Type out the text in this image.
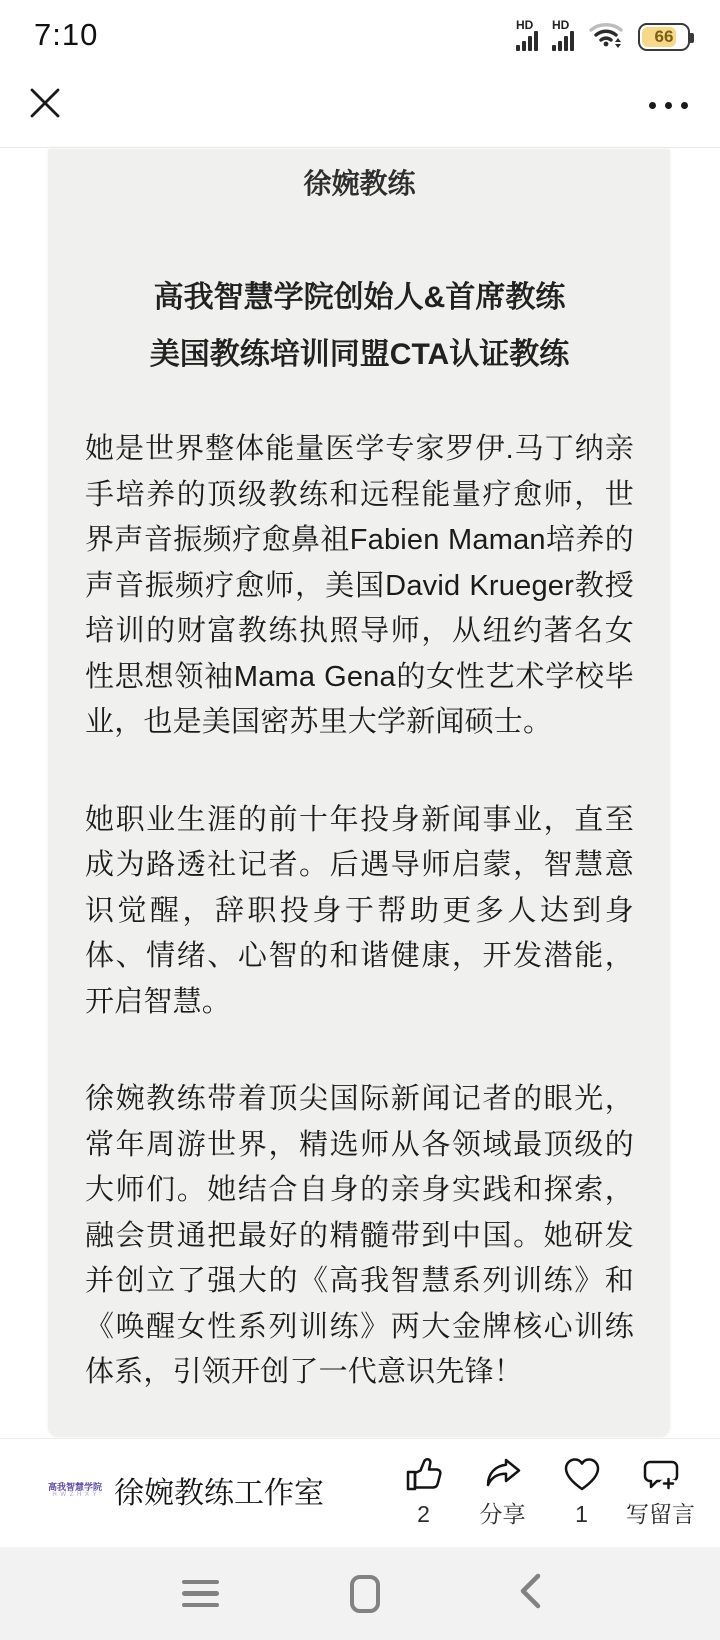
7:10	HD HD
66
徐婉教练
高我智慧学院创始人&首席教练
美国教练培训同盟CTA认证教练

她是世界整体能量医学专家罗伊.马丁纳亲手培养的顶级教练和远程能量疗愈师，世界声音振频疗愈鼻祖Fabien Maman培养的声音振频疗愈师，美国David Krueger教授培训的财富教练执照导师，从纽约著名女性思想领袖Mama Gena的女性艺术学校毕业，也是美国密苏里大学新闻硕士。

她职业生涯的前十年投身新闻事业，直至成为路透社记者。后遇导师启蒙，智慧意识觉醒，辞职投身于帮助更多人达到身体、情绪、心智的和谐健康，开发潜能，开启智慧。

徐婉教练带着顶尖国际新闻记者的眼光，常年周游世界，精选师从各领域最顶级的大师们。她结合自身的亲身实践和探索，融会贯通把最好的精髓带到中国。她研发并创立了强大的《高我智慧系列训练》和《唤醒女性系列训练》两大金牌核心训练体系，引领开创了一代意识先锋！

高我智慧学院
H W Z H X Y 徐婉教练工作室
2 分享 1 写留言
